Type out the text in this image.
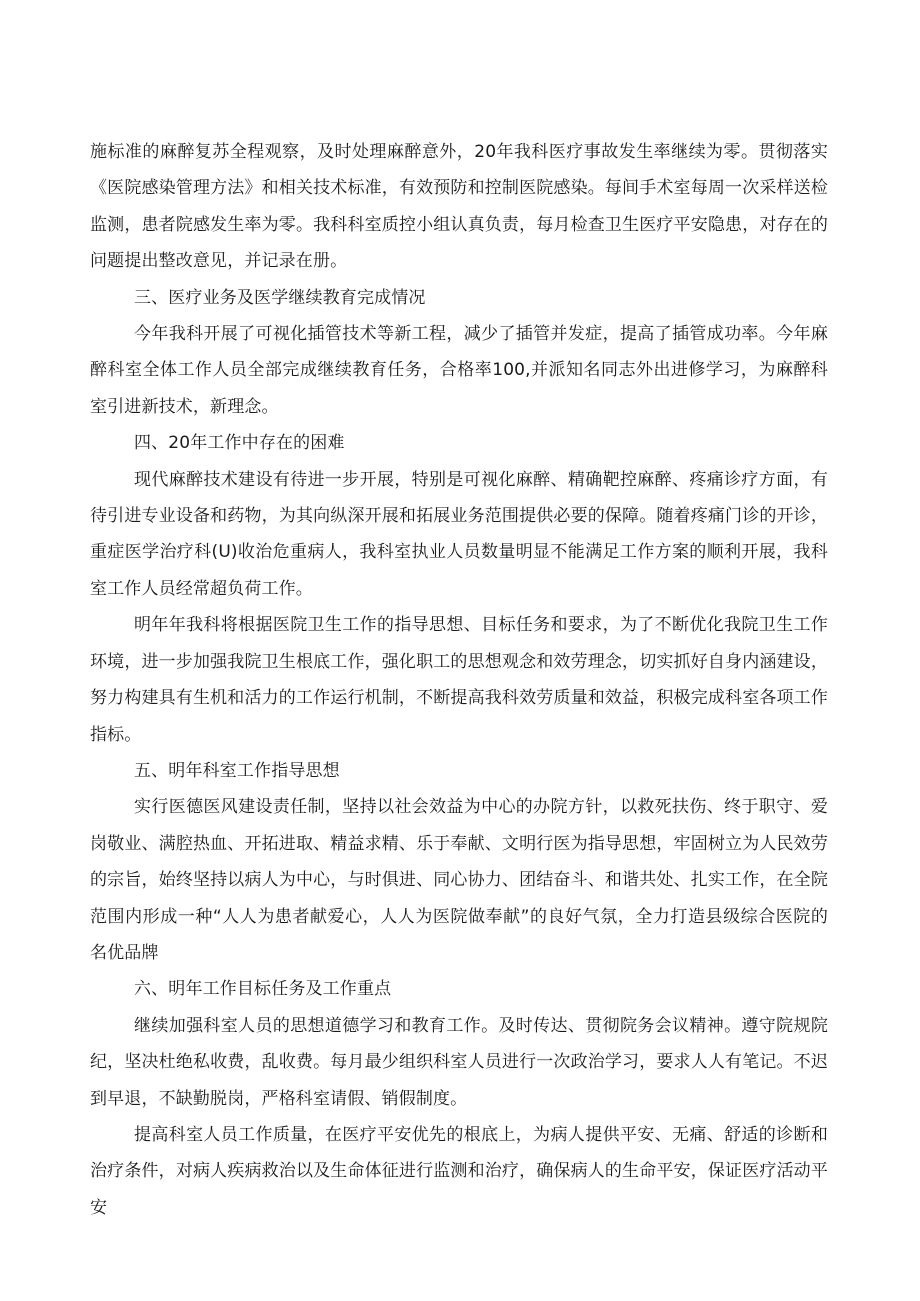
施标准的麻醉复苏全程观察，及时处理麻醉意外，20年我科医疗事故发生率继续为零。贯彻落实《医院感染管理方法》和相关技术标准，有效预防和控制医院感染。每间手术室每周一次采样送检监测，患者院感发生率为零。我科科室质控小组认真负责，每月检查卫生医疗平安隐患，对存在的问题提出整改意见，并记录在册。

三、医疗业务及医学继续教育完成情况

今年我科开展了可视化插管技术等新工程，减少了插管并发症，提高了插管成功率。今年麻醉科室全体工作人员全部完成继续教育任务，合格率100,并派知名同志外出进修学习，为麻醉科室引进新技术，新理念。

四、20年工作中存在的困难

现代麻醉技术建设有待进一步开展，特别是可视化麻醉、精确靶控麻醉、疼痛诊疗方面，有待引进专业设备和药物，为其向纵深开展和拓展业务范围提供必要的保障。随着疼痛门诊的开诊，重症医学治疗科(U)收治危重病人，我科室执业人员数量明显不能满足工作方案的顺利开展，我科室工作人员经常超负荷工作。

明年年我科将根据医院卫生工作的指导思想、目标任务和要求，为了不断优化我院卫生工作环境，进一步加强我院卫生根底工作，强化职工的思想观念和效劳理念，切实抓好自身内涵建设，努力构建具有生机和活力的工作运行机制，不断提高我科效劳质量和效益，积极完成科室各项工作指标。

五、明年科室工作指导思想

实行医德医风建设责任制，坚持以社会效益为中心的办院方针，以救死扶伤、终于职守、爱岗敬业、满腔热血、开拓进取、精益求精、乐于奉献、文明行医为指导思想，牢固树立为人民效劳的宗旨，始终坚持以病人为中心，与时俱进、同心协力、团结奋斗、和谐共处、扎实工作，在全院范围内形成一种“人人为患者献爱心，人人为医院做奉献”的良好气氛，全力打造县级综合医院的名优品牌

六、明年工作目标任务及工作重点

继续加强科室人员的思想道德学习和教育工作。及时传达、贯彻院务会议精神。遵守院规院纪，坚决杜绝私收费，乱收费。每月最少组织科室人员进行一次政治学习，要求人人有笔记。不迟到早退，不缺勤脱岗，严格科室请假、销假制度。

提高科室人员工作质量，在医疗平安优先的根底上，为病人提供平安、无痛、舒适的诊断和治疗条件，对病人疾病救治以及生命体征进行监测和治疗，确保病人的生命平安，保证医疗活动平安
